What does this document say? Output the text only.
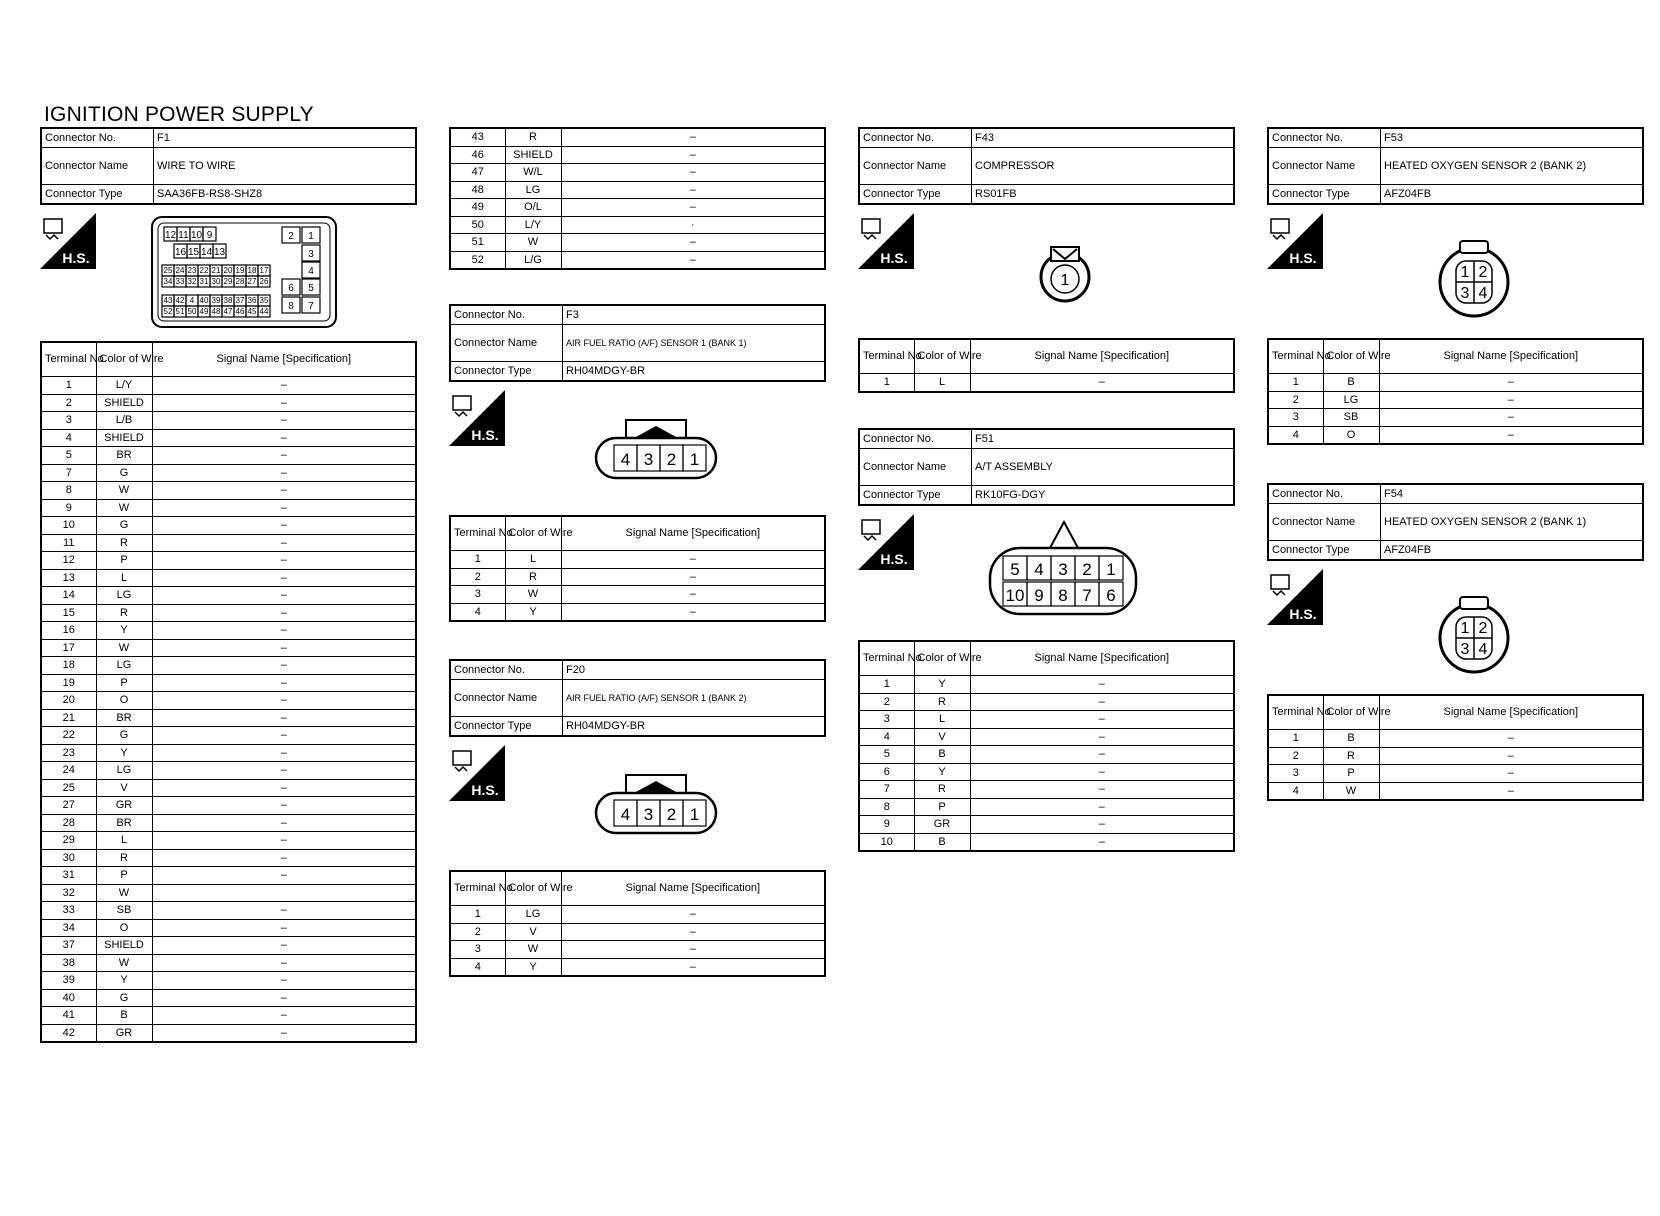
IGNITION POWER SUPPLY
Connector No.	F1
Connector Name	WIRE TO WIRE
Connector Type	SAA36FB-RS8-SHZ8
H.S.
12 11 10 9
16 15 14 13
25 24 23 22 21 20 19 18 17
34 33 32 31 30 29 28 27 26
43 42 4 40 39 38 37 36 35
52 51 50 49 48 47 46 45 44
2 1
3
4
6 5
8 7
Terminal No.	Color of Wire	Signal Name [Specification]
1	L/Y	–
2	SHIELD	–
3	L/B	–
4	SHIELD	–
5	BR	–
7	G	–
8	W	–
9	W	–
10	G	–
11	R	–
12	P	–
13	L	–
14	LG	–
15	R	–
16	Y	–
17	W	–
18	LG	–
19	P	–
20	O	–
21	BR	–
22	G	–
23	Y	–
24	LG	–
25	V	–
27	GR	–
28	BR	–
29	L	–
30	R	–
31	P	–
32	W	
33	SB	–
34	O	–
37	SHIELD	–
38	W	–
39	Y	–
40	G	–
41	B	–
42	GR	–
43	R	–
46	SHIELD	–
47	W/L	–
48	LG	–
49	O/L	–
50	L/Y	·
51	W	–
52	L/G	–
Connector No.	F3
Connector Name	AIR FUEL RATIO (A/F) SENSOR 1 (BANK 1)
Connector Type	RH04MDGY-BR
H.S.
4 3 2 1
Terminal No.	Color of Wire	Signal Name [Specification]
1	L	–
2	R	–
3	W	–
4	Y	–
Connector No.	F20
Connector Name	AIR FUEL RATIO (A/F) SENSOR 1 (BANK 2)
Connector Type	RH04MDGY-BR
H.S.
4 3 2 1
Terminal No.	Color of Wire	Signal Name [Specification]
1	LG	–
2	V	–
3	W	–
4	Y	–
Connector No.	F43
Connector Name	COMPRESSOR
Connector Type	RS01FB
H.S.
1
Terminal No.	Color of Wire	Signal Name [Specification]
1	L	–
Connector No.	F51
Connector Name	A/T ASSEMBLY
Connector Type	RK10FG-DGY
H.S.
5 4 3 2 1
10 9 8 7 6
Terminal No.	Color of Wire	Signal Name [Specification]
1	Y	–
2	R	–
3	L	–
4	V	–
5	B	–
6	Y	–
7	R	–
8	P	–
9	GR	–
10	B	–
Connector No.	F53
Connector Name	HEATED OXYGEN SENSOR 2 (BANK 2)
Connector Type	AFZ04FB
H.S.
1 2
3 4
Terminal No.	Color of Wire	Signal Name [Specification]
1	B	–
2	LG	–
3	SB	–
4	O	–
Connector No.	F54
Connector Name	HEATED OXYGEN SENSOR 2 (BANK 1)
Connector Type	AFZ04FB
H.S.
1 2
3 4
Terminal No.	Color of Wire	Signal Name [Specification]
1	B	–
2	R	–
3	P	–
4	W	–
